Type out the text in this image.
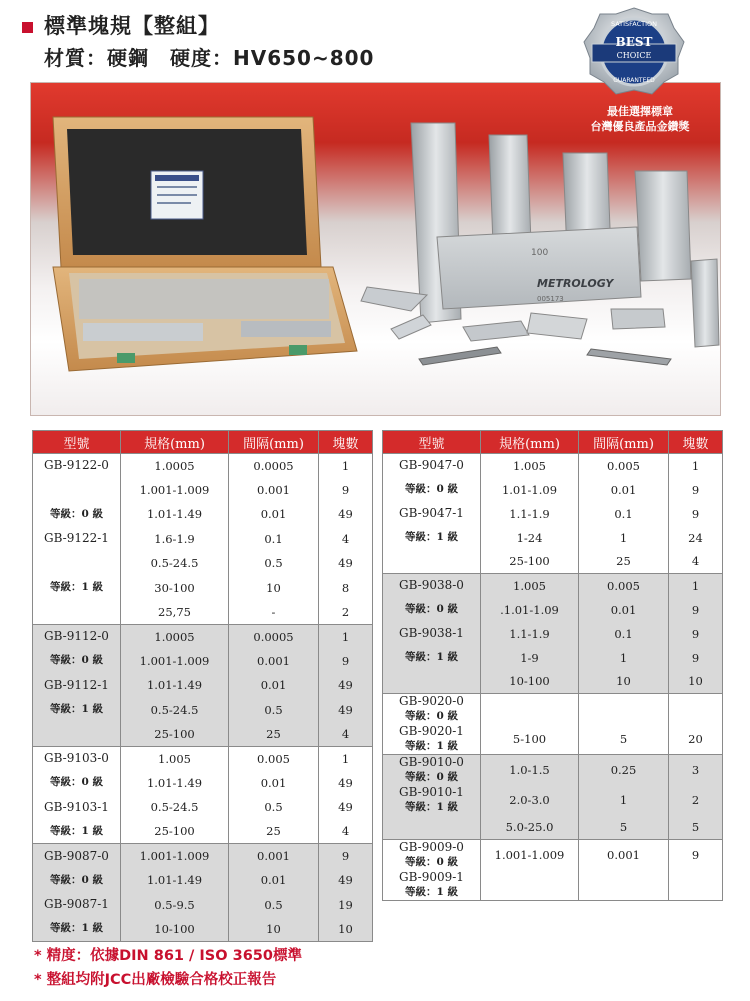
標準塊規【整組】
材質：硬鋼　硬度：HV650~800
METROLOGY
100
005173
SATISFACTION
BEST
CHOICE
GUARANTEED
最佳選擇標章
台灣優良產品金鑽獎
型號	規格(mm)	間隔(mm)	塊數

GB-9122-0	1.0005	0.0005	1
	1.001-1.009	0.001	9

等級：0 級	1.01-1.49	0.01	49

GB-9122-1	1.6-1.9	0.1	4
	0.5-24.5	0.5	49

等級：1 級	30-100	10	8
	25,75	-	2

GB-9112-0	1.0005	0.0005	1

等級：0 級	1.001-1.009	0.001	9

GB-9112-1	1.01-1.49	0.01	49

等級：1 級	0.5-24.5	0.5	49
	25-100	25	4

GB-9103-0	1.005	0.005	1

等級：0 級	1.01-1.49	0.01	49

GB-9103-1	0.5-24.5	0.5	49

等級：1 級	25-100	25	4

GB-9087-0	1.001-1.009	0.001	9

等級：0 級	1.01-1.49	0.01	49

GB-9087-1	0.5-9.5	0.5	19

等級：1 級	10-100	10	10
型號	規格(mm)	間隔(mm)	塊數

GB-9047-0	1.005	0.005	1

等級：0 級	1.01-1.09	0.01	9

GB-9047-1	1.1-1.9	0.1	9

等級：1 級	1-24	1	24
	25-100	25	4

GB-9038-0	1.005	0.005	1

等級：0 級	.1.01-1.09	0.01	9

GB-9038-1	1.1-1.9	0.1	9

等級：1 級	1-9	1	9
	10-100	10	10

GB-9020-0
等級：0 級			

GB-9020-1
等級：1 級	5-100	5	20

GB-9010-0
等級：0 級	1.0-1.5	0.25	3

GB-9010-1
等級：1 級	2.0-3.0	1	2
	5.0-25.0	5	5

GB-9009-0
等級：0 級	1.001-1.009	0.001	9

GB-9009-1
等級：1 級			

* 精度：依據DIN 861 / ISO 3650標準
* 整組均附JCC出廠檢驗合格校正報告
